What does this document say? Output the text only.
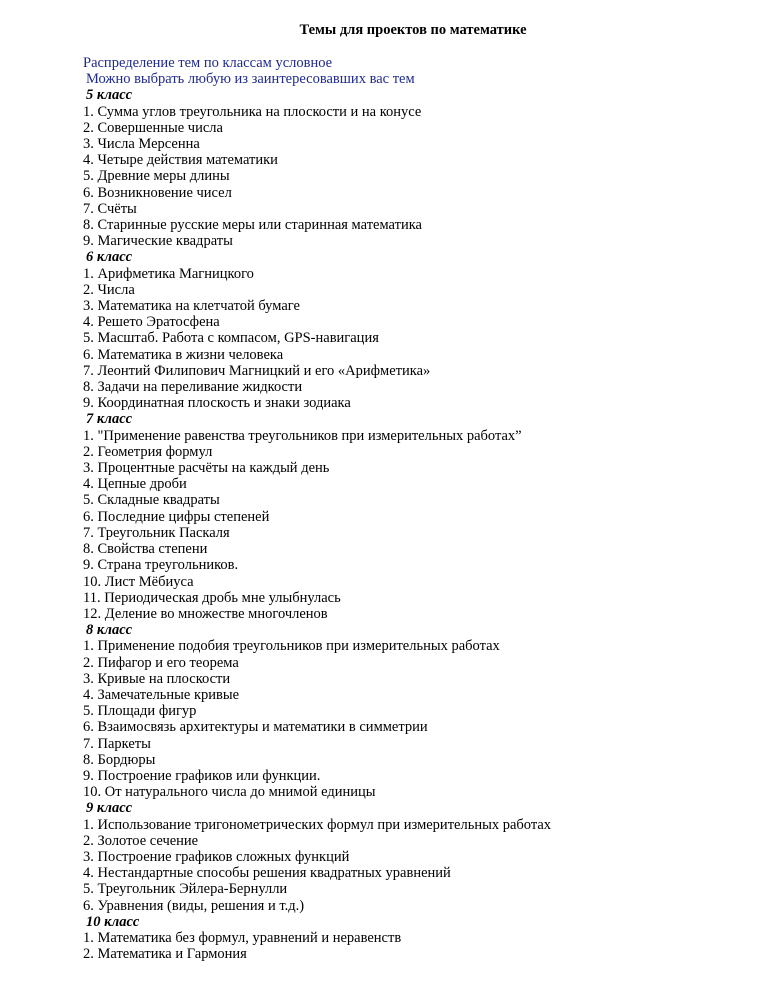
Темы для проектов по математике
Распределение тем по классам условное
Можно выбрать любую из заинтересовавших вас тем
5 класс
1. Сумма углов треугольника на плоскости и на конусе
2. Совершенные числа
3. Числа Мерсенна
4. Четыре действия математики
5. Древние меры длины
6. Возникновение чисел
7. Счёты
8. Старинные русские меры или старинная математика
9. Магические квадраты
6 класс
1. Арифметика Магницкого
2. Числа
3. Математика на клетчатой бумаге
4. Решето Эратосфена
5. Масштаб. Работа с компасом, GPS-навигация
6. Математика в жизни человека
7. Леонтий Филипович Магницкий и его «Арифметика»
8. Задачи на переливание жидкости
9. Координатная плоскость и знаки зодиака
7 класс
1. "Применение равенства треугольников при измерительных работах”
2. Геометрия формул
3. Процентные расчёты на каждый день
4. Цепные дроби
5. Складные квадраты
6. Последние цифры степеней
7. Треугольник Паскаля
8. Свойства степени
9. Страна треугольников.
10. Лист Мёбиуса
11. Периодическая дробь мне улыбнулась
12. Деление во множестве многочленов
8 класс
1. Применение подобия треугольников при измерительных работах
2. Пифагор и его теорема
3. Кривые на плоскости
4. Замечательные кривые
5. Площади фигур
6. Взаимосвязь архитектуры и математики в симметрии
7. Паркеты
8. Бордюры
9. Построение графиков или функции.
10. От натурального числа до мнимой единицы
9 класс
1. Использование тригонометрических формул при измерительных работах
2. Золотое сечение
3. Построение графиков сложных функций
4. Нестандартные способы решения квадратных уравнений
5. Треугольник Эйлера-Бернулли
6. Уравнения (виды, решения и т.д.)
10 класс
1. Математика без формул, уравнений и неравенств
2. Математика и Гармония
